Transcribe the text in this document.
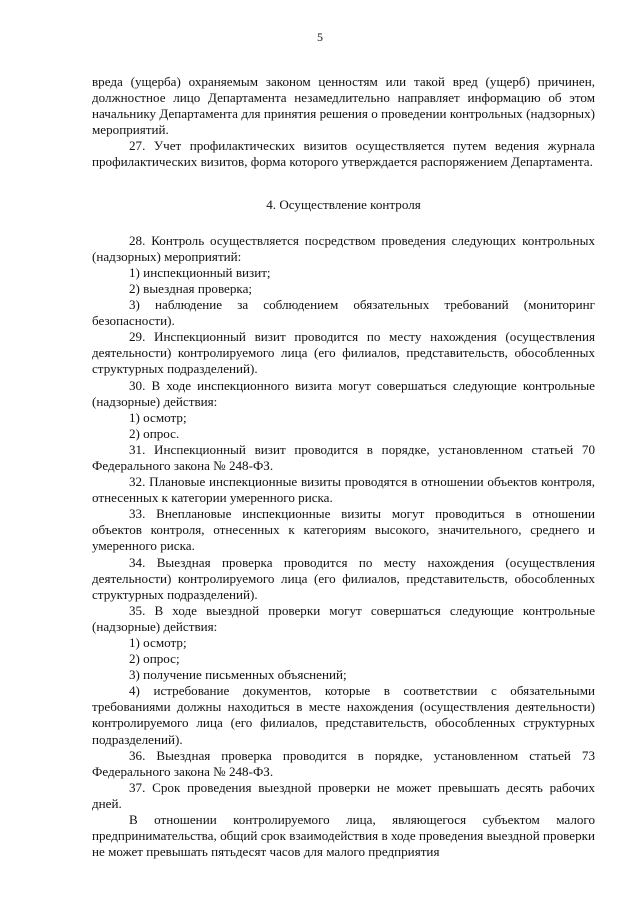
5

вреда (ущерба) охраняемым законом ценностям или такой вред (ущерб) причинен, должностное лицо Департамента незамедлительно направляет информацию об этом начальнику Департамента для принятия решения о проведении контрольных (надзорных) мероприятий.

27. Учет профилактических визитов осуществляется путем ведения журнала профилактических визитов, форма которого утверждается распоряжением Департамента.

4. Осуществление контроля

28. Контроль осуществляется посредством проведения следующих контрольных (надзорных) мероприятий:

1) инспекционный визит;

2) выездная проверка;

3) наблюдение за соблюдением обязательных требований (мониторинг безопасности).

29. Инспекционный визит проводится по месту нахождения (осуществления деятельности) контролируемого лица (его филиалов, представительств, обособленных структурных подразделений).

30. В ходе инспекционного визита могут совершаться следующие контрольные (надзорные) действия:

1) осмотр;

2) опрос.

31. Инспекционный визит проводится в порядке, установленном статьей 70 Федерального закона № 248-ФЗ.

32. Плановые инспекционные визиты проводятся в отношении объектов контроля, отнесенных к категории умеренного риска.

33. Внеплановые инспекционные визиты могут проводиться в отношении объектов контроля, отнесенных к категориям высокого, значительного, среднего и умеренного риска.

34. Выездная проверка проводится по месту нахождения (осуществления деятельности) контролируемого лица (его филиалов, представительств, обособленных структурных подразделений).

35. В ходе выездной проверки могут совершаться следующие контрольные (надзорные) действия:

1) осмотр;

2) опрос;

3) получение письменных объяснений;

4) истребование документов, которые в соответствии с обязательными требованиями должны находиться в месте нахождения (осуществления деятельности) контролируемого лица (его филиалов, представительств, обособленных структурных подразделений).

36. Выездная проверка проводится в порядке, установленном статьей 73 Федерального закона № 248-ФЗ.

37. Срок проведения выездной проверки не может превышать десять рабочих дней.

В отношении контролируемого лица, являющегося субъектом малого предпринимательства, общий срок взаимодействия в ходе проведения выездной проверки не может превышать пятьдесят часов для малого предприятия
